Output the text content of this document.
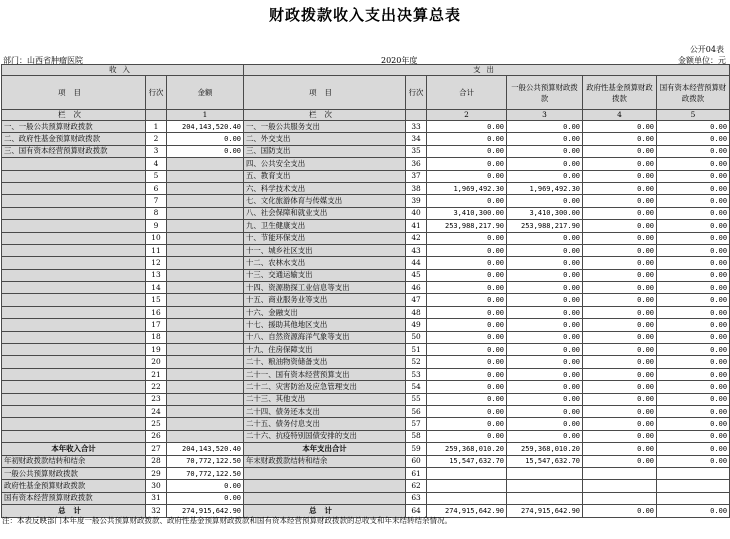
财政拨款收入支出决算总表
公开04表
部门：山西省肿瘤医院	2020年度	金额单位：元
收入			支出					
项目	行次	金额	项目	行次	合计	一般公共预算财政拨款	政府性基金预算财政拨款	国有资本经营预算财政拨款
栏次		1	栏次		2	3	4	5
一、一般公共预算财政拨款	1	204,143,520.40	一、一般公共服务支出	33	0.00	0.00	0.00	0.00
二、政府性基金预算财政拨款	2	0.00	二、外交支出	34	0.00	0.00	0.00	0.00
三、国有资本经营预算财政拨款	3	0.00	三、国防支出	35	0.00	0.00	0.00	0.00
	4		四、公共安全支出	36	0.00	0.00	0.00	0.00
	5		五、教育支出	37	0.00	0.00	0.00	0.00
	6		六、科学技术支出	38	1,969,492.30	1,969,492.30	0.00	0.00
	7		七、文化旅游体育与传媒支出	39	0.00	0.00	0.00	0.00
	8		八、社会保障和就业支出	40	3,410,300.00	3,410,300.00	0.00	0.00
	9		九、卫生健康支出	41	253,988,217.90	253,988,217.90	0.00	0.00
	10		十、节能环保支出	42	0.00	0.00	0.00	0.00
	11		十一、城乡社区支出	43	0.00	0.00	0.00	0.00
	12		十二、农林水支出	44	0.00	0.00	0.00	0.00
	13		十三、交通运输支出	45	0.00	0.00	0.00	0.00
	14		十四、资源勘探工业信息等支出	46	0.00	0.00	0.00	0.00
	15		十五、商业服务业等支出	47	0.00	0.00	0.00	0.00
	16		十六、金融支出	48	0.00	0.00	0.00	0.00
	17		十七、援助其他地区支出	49	0.00	0.00	0.00	0.00
	18		十八、自然资源海洋气象等支出	50	0.00	0.00	0.00	0.00
	19		十九、住房保障支出	51	0.00	0.00	0.00	0.00
	20		二十、粮油物资储备支出	52	0.00	0.00	0.00	0.00
	21		二十一、国有资本经营预算支出	53	0.00	0.00	0.00	0.00
	22		二十二、灾害防治及应急管理支出	54	0.00	0.00	0.00	0.00
	23		二十三、其他支出	55	0.00	0.00	0.00	0.00
	24		二十四、债务还本支出	56	0.00	0.00	0.00	0.00
	25		二十五、债务付息支出	57	0.00	0.00	0.00	0.00
	26		二十六、抗疫特别国债安排的支出	58	0.00	0.00	0.00	0.00
本年收入合计	27	204,143,520.40	本年支出合计	59	259,368,010.20	259,368,010.20	0.00	0.00
年初财政拨款结转和结余	28	70,772,122.50	年末财政拨款结转和结余	60	15,547,632.70	15,547,632.70	0.00	0.00
一般公共预算财政拨款	29	70,772,122.50		61				
政府性基金预算财政拨款	30	0.00		62				
国有资本经营预算财政拨款	31	0.00		63				
总计	32	274,915,642.90	总计	64	274,915,642.90	274,915,642.90	0.00	0.00
注：本表反映部门本年度一般公共预算财政拨款、政府性基金预算财政拨款和国有资本经营预算财政拨款的总收支和年末结转结余情况。
